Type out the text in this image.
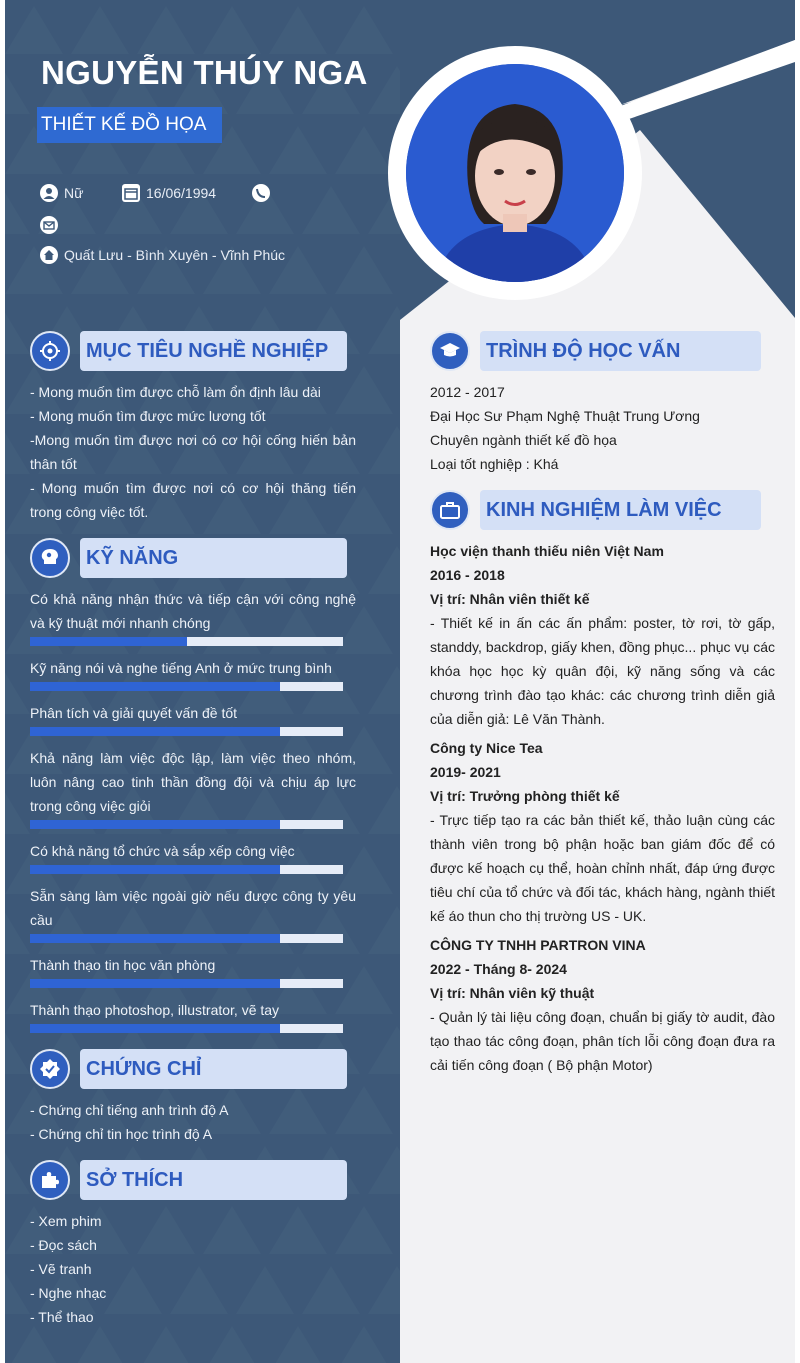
NGUYỄN THÚY NGA
THIẾT KẾ ĐỒ HỌA
Nữ	16/06/1994
Quất Lưu - Bình Xuyên - Vĩnh Phúc
MỤC TIÊU NGHỀ NGHIỆP
- Mong muốn tìm được chỗ làm ổn định lâu dài
- Mong muốn tìm được mức lương tốt
-Mong muốn tìm được nơi có cơ hội cống hiến bản thân tốt
- Mong muốn tìm được nơi có cơ hội thăng tiến trong công việc tốt.
KỸ NĂNG
Có khả năng nhận thức và tiếp cận với công nghệ và kỹ thuật mới nhanh chóng
Kỹ năng nói và nghe tiếng Anh ở mức trung bình
Phân tích và giải quyết vấn đề tốt
Khả năng làm việc độc lập, làm việc theo nhóm, luôn nâng cao tinh thần đồng đội và chịu áp lực trong công việc giỏi
Có khả năng tổ chức và sắp xếp công việc
Sẵn sàng làm việc ngoài giờ nếu được công ty yêu cầu
Thành thạo tin học văn phòng
Thành thạo photoshop, illustrator, vẽ tay
CHỨNG CHỈ
- Chứng chỉ tiếng anh trình độ A
- Chứng chỉ tin học trình độ A
SỞ THÍCH
- Xem phim
- Đọc sách
- Vẽ tranh
- Nghe nhạc
- Thể thao
TRÌNH ĐỘ HỌC VẤN
2012 - 2017
Đại Học Sư Phạm Nghệ Thuật Trung Ương
Chuyên ngành thiết kế đồ họa
Loại tốt nghiệp : Khá
KINH NGHIỆM LÀM VIỆC
Học viện thanh thiếu niên Việt Nam
2016 - 2018
Vị trí: Nhân viên thiết kế
- Thiết kế in ấn các ấn phẩm: poster, tờ rơi, tờ gấp, standdy, backdrop, giấy khen, đồng phục... phục vụ các khóa học học kỳ quân đội, kỹ năng sống và các chương trình đào tạo khác: các chương trình diễn giả của diễn giả: Lê Văn Thành.
Công ty Nice Tea
2019- 2021
Vị trí: Trưởng phòng thiết kế
- Trực tiếp tạo ra các bản thiết kế, thảo luận cùng các thành viên trong bộ phận hoặc ban giám đốc để có được kế hoạch cụ thể, hoàn chỉnh nhất, đáp ứng được tiêu chí của tổ chức và đối tác, khách hàng, ngành thiết kế áo thun cho thị trường US - UK.
CÔNG TY TNHH PARTRON VINA
2022 - Tháng 8- 2024
Vị trí: Nhân viên kỹ thuật
- Quản lý tài liệu công đoạn, chuẩn bị giấy tờ audit, đào tạo thao tác công đoạn, phân tích lỗi công đoạn đưa ra cải tiến công đoạn ( Bộ phận Motor)
